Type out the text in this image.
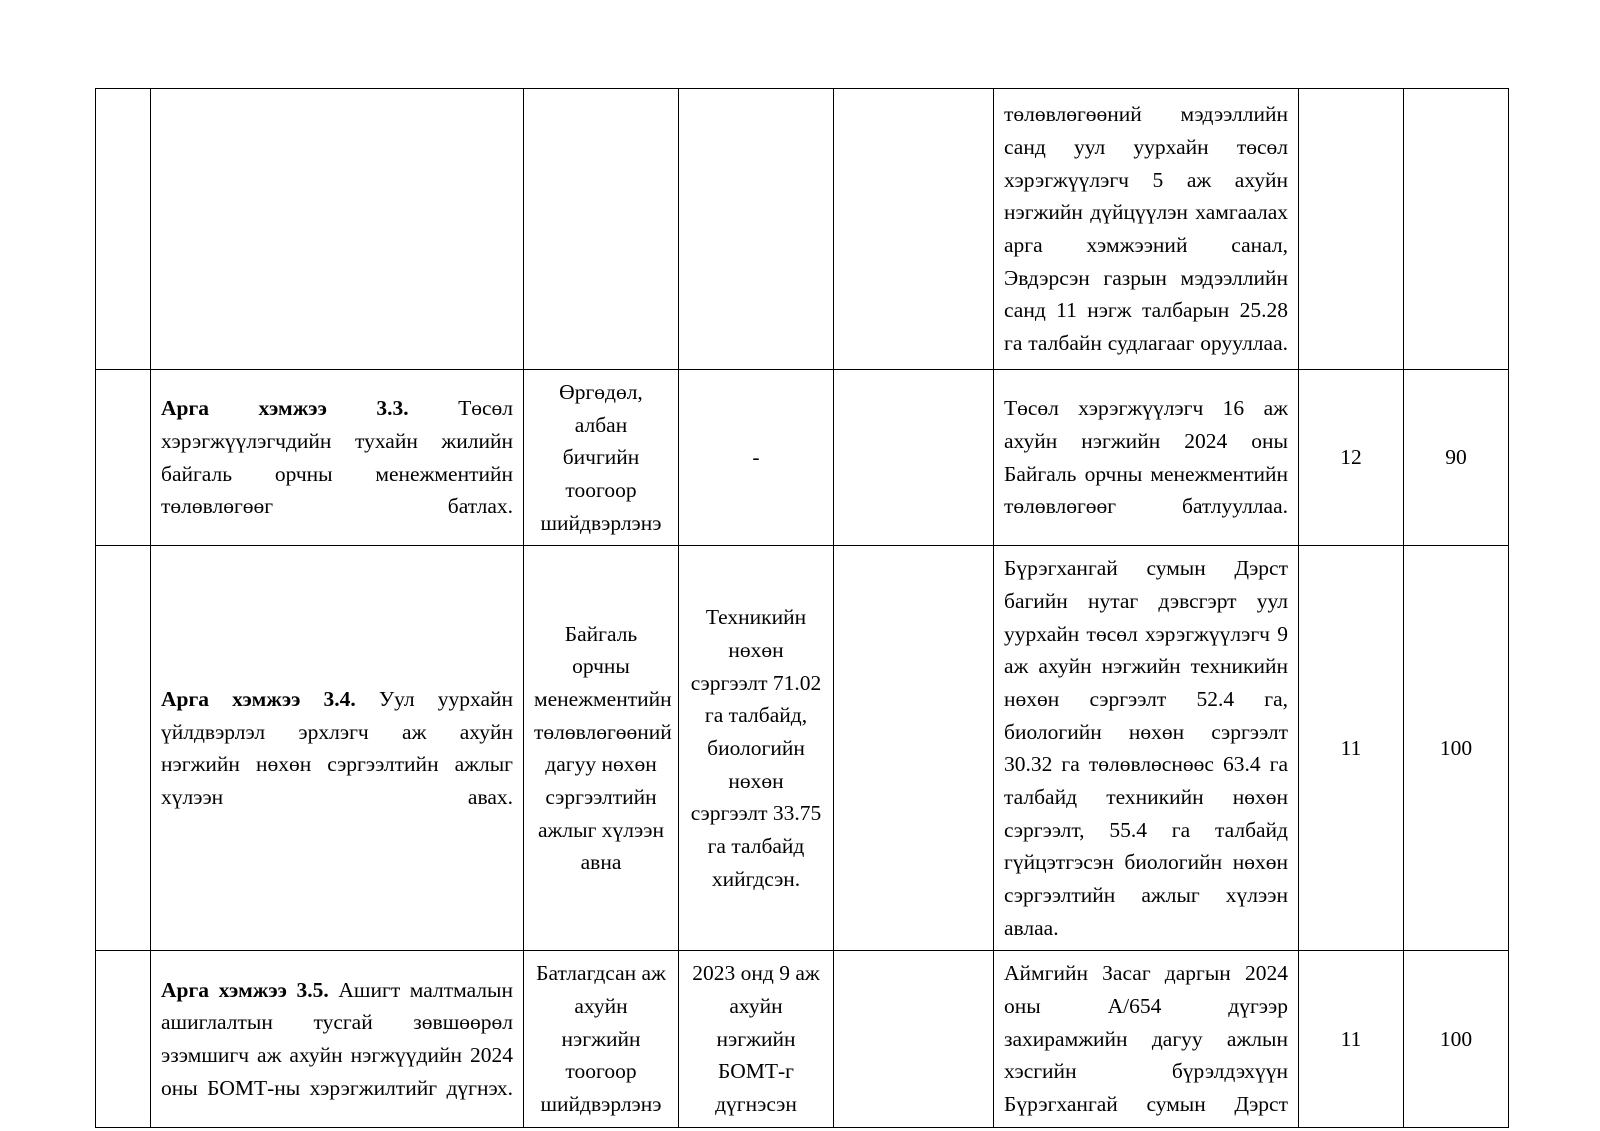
					төлөвлөгөөний мэдээллийн санд уул уурхайн төсөл хэрэгжүүлэгч 5 аж ахуйн нэгжийн дүйцүүлэн хамгаалах арга хэмжээний санал, Эвдэрсэн газрын мэдээллийн санд 11 нэгж талбарын 25.28 га талбайн судлагааг орууллаа.		
	Арга хэмжээ 3.3. Төсөл хэрэгжүүлэгчдийн тухайн жилийн байгаль орчны менежментийн төлөвлөгөөг батлах.	Өргөдөл, албан бичгийн тоогоор шийдвэрлэнэ	-		Төсөл хэрэгжүүлэгч 16 аж ахуйн нэгжийн 2024 оны Байгаль орчны менежментийн төлөвлөгөөг батлууллаа.	12	90
	Арга хэмжээ 3.4. Уул уурхайн үйлдвэрлэл эрхлэгч аж ахуйн нэгжийн нөхөн сэргээлтийн ажлыг хүлээн авах.	Байгаль орчны менежментийн төлөвлөгөөний дагуу нөхөн сэргээлтийн ажлыг хүлээн авна	Техникийн нөхөн сэргээлт 71.02 га талбайд, биологийн нөхөн сэргээлт 33.75 га талбайд хийгдсэн.		Бүрэгхангай сумын Дэрст багийн нутаг дэвсгэрт уул уурхайн төсөл хэрэгжүүлэгч 9 аж ахуйн нэгжийн техникийн нөхөн сэргээлт 52.4 га, биологийн нөхөн сэргээлт 30.32 га төлөвлөснөөс 63.4 га талбайд техникийн нөхөн сэргээлт, 55.4 га талбайд гүйцэтгэсэн биологийн нөхөн сэргээлтийн ажлыг хүлээн авлаа.	11	100
	Арга хэмжээ 3.5. Ашигт малтмалын ашиглалтын тусгай зөвшөөрөл эзэмшигч аж ахуйн нэгжүүдийн 2024 оны БОМТ-ны хэрэгжилтийг дүгнэх.	Батлагдсан аж ахуйн нэгжийн тоогоор шийдвэрлэнэ	2023 онд 9 аж ахуйн нэгжийн БОМТ-г дүгнэсэн		Аймгийн Засаг даргын 2024 оны А/654 дүгээр захирамжийн дагуу ажлын хэсгийн бүрэлдэхүүн Бүрэгхангай сумын Дэрст	11	100
